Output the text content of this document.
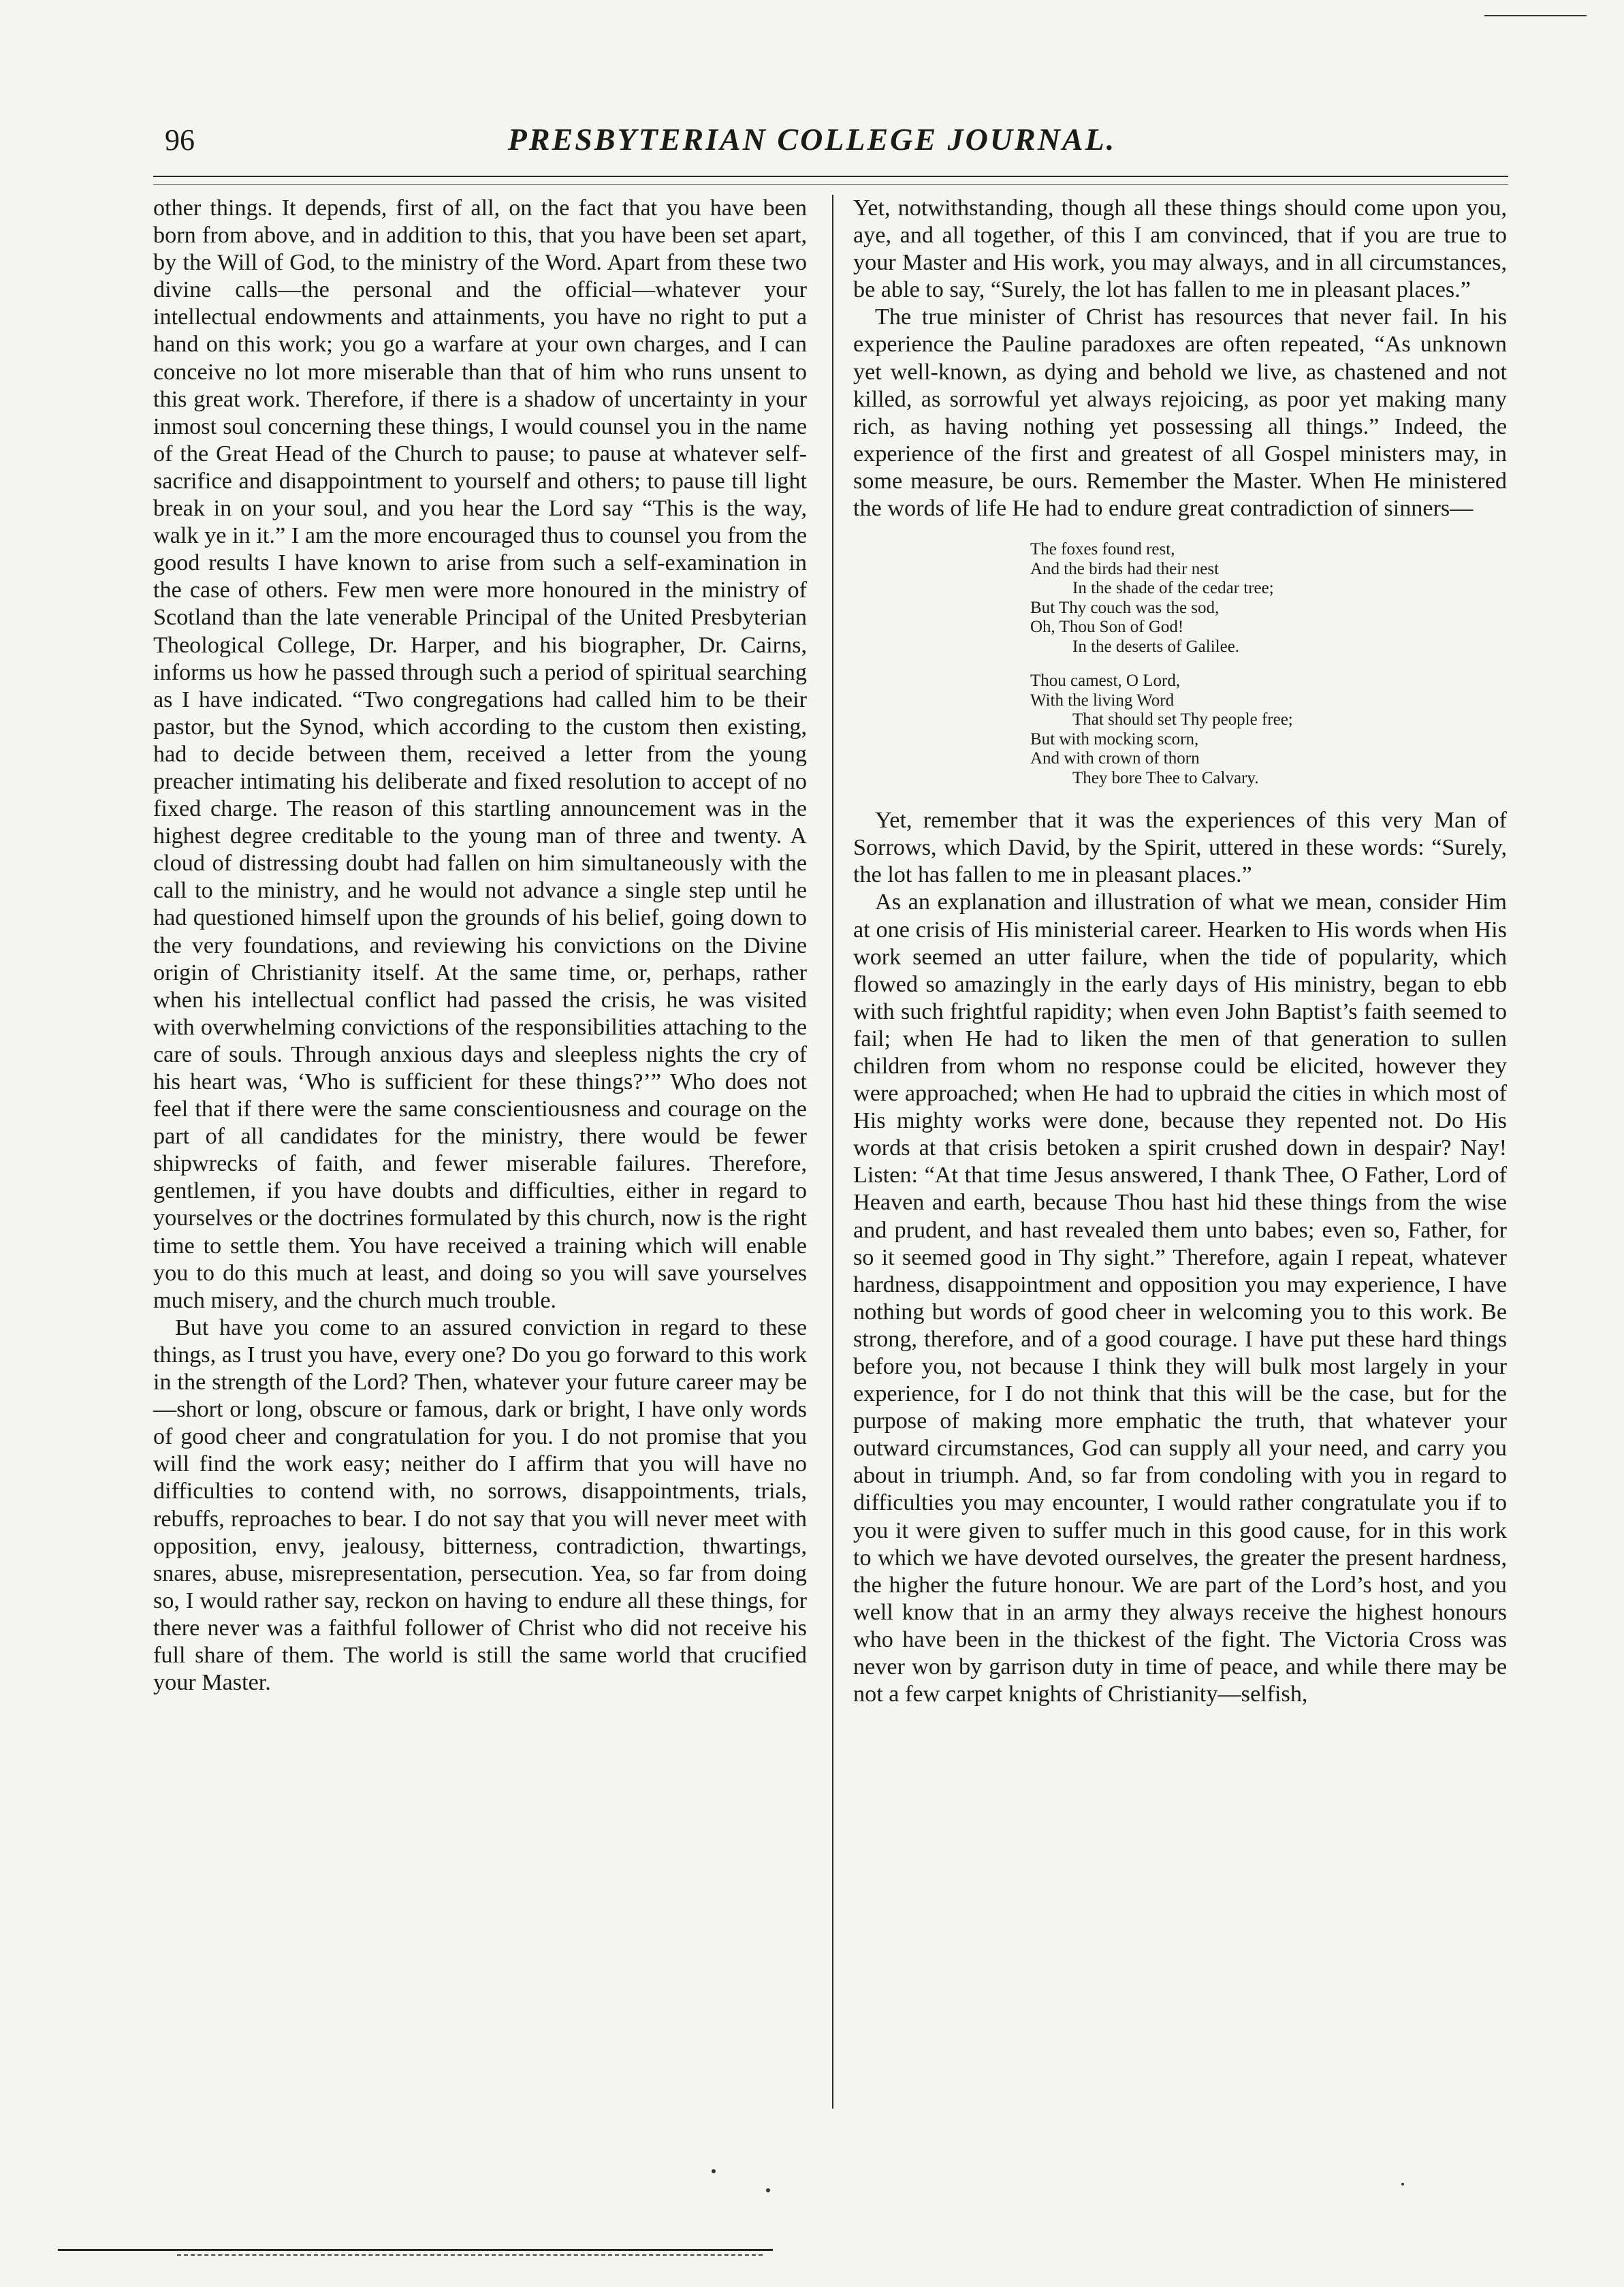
96	PRESBYTERIAN COLLEGE JOURNAL.

other things. It depends, first of all, on the fact that you have been born from above, and in addition to this, that you have been set apart, by the Will of God, to the ministry of the Word. Apart from these two divine calls—the personal and the official—whatever your intellectual endowments and attainments, you have no right to put a hand on this work; you go a warfare at your own charges, and I can conceive no lot more miserable than that of him who runs unsent to this great work. Therefore, if there is a shadow of uncertainty in your inmost soul concerning these things, I would counsel you in the name of the Great Head of the Church to pause; to pause at whatever self-sacrifice and disappointment to yourself and others; to pause till light break in on your soul, and you hear the Lord say “This is the way, walk ye in it.” I am the more encouraged thus to counsel you from the good results I have known to arise from such a self-examination in the case of others. Few men were more honoured in the ministry of Scotland than the late venerable Principal of the United Presbyterian Theological College, Dr. Harper, and his biographer, Dr. Cairns, informs us how he passed through such a period of spiritual searching as I have indicated. “Two congregations had called him to be their pastor, but the Synod, which according to the custom then existing, had to decide between them, received a letter from the young preacher intimating his deliberate and fixed resolution to accept of no fixed charge. The reason of this startling announcement was in the highest degree creditable to the young man of three and twenty. A cloud of distressing doubt had fallen on him simultaneously with the call to the ministry, and he would not advance a single step until he had questioned himself upon the grounds of his belief, going down to the very foundations, and reviewing his convictions on the Divine origin of Christianity itself. At the same time, or, perhaps, rather when his intellectual conflict had passed the crisis, he was visited with overwhelming convictions of the responsibilities attaching to the care of souls. Through anxious days and sleepless nights the cry of his heart was, ‘Who is sufficient for these things?’” Who does not feel that if there were the same conscientiousness and courage on the part of all candidates for the ministry, there would be fewer shipwrecks of faith, and fewer miserable failures. Therefore, gentlemen, if you have doubts and difficulties, either in regard to yourselves or the doctrines formulated by this church, now is the right time to settle them. You have received a training which will enable you to do this much at least, and doing so you will save yourselves much misery, and the church much trouble.

But have you come to an assured conviction in regard to these things, as I trust you have, every one? Do you go forward to this work in the strength of the Lord? Then, whatever your future career may be—short or long, obscure or famous, dark or bright, I have only words of good cheer and congratulation for you. I do not promise that you will find the work easy; neither do I affirm that you will have no difficulties to contend with, no sorrows, disappointments, trials, rebuffs, reproaches to bear. I do not say that you will never meet with opposition, envy, jealousy, bitterness, contradiction, thwartings, snares, abuse, misrepresentation, persecution. Yea, so far from doing so, I would rather say, reckon on having to endure all these things, for there never was a faithful follower of Christ who did not receive his full share of them. The world is still the same world that crucified your Master.

Yet, notwithstanding, though all these things should come upon you, aye, and all together, of this I am convinced, that if you are true to your Master and His work, you may always, and in all circumstances, be able to say, “Surely, the lot has fallen to me in pleasant places.”

The true minister of Christ has resources that never fail. In his experience the Pauline paradoxes are often repeated, “As unknown yet well-known, as dying and behold we live, as chastened and not killed, as sorrowful yet always rejoicing, as poor yet making many rich, as having nothing yet possessing all things.” Indeed, the experience of the first and greatest of all Gospel ministers may, in some measure, be ours. Remember the Master. When He ministered the words of life He had to endure great contradiction of sinners—

The foxes found rest,
And the birds had their nest
In the shade of the cedar tree;
But Thy couch was the sod,
Oh, Thou Son of God!
In the deserts of Galilee.
Thou camest, O Lord,
With the living Word
That should set Thy people free;
But with mocking scorn,
And with crown of thorn
They bore Thee to Calvary.

Yet, remember that it was the experiences of this very Man of Sorrows, which David, by the Spirit, uttered in these words: “Surely, the lot has fallen to me in pleasant places.”

As an explanation and illustration of what we mean, consider Him at one crisis of His ministerial career. Hearken to His words when His work seemed an utter failure, when the tide of popularity, which flowed so amazingly in the early days of His ministry, began to ebb with such frightful rapidity; when even John Baptist’s faith seemed to fail; when He had to liken the men of that generation to sullen children from whom no response could be elicited, however they were approached; when He had to upbraid the cities in which most of His mighty works were done, because they repented not. Do His words at that crisis betoken a spirit crushed down in despair? Nay! Listen: “At that time Jesus answered, I thank Thee, O Father, Lord of Heaven and earth, because Thou hast hid these things from the wise and prudent, and hast revealed them unto babes; even so, Father, for so it seemed good in Thy sight.” Therefore, again I repeat, whatever hardness, disappointment and opposition you may experience, I have nothing but words of good cheer in welcoming you to this work. Be strong, therefore, and of a good courage. I have put these hard things before you, not because I think they will bulk most largely in your experience, for I do not think that this will be the case, but for the purpose of making more emphatic the truth, that whatever your outward circumstances, God can supply all your need, and carry you about in triumph. And, so far from condoling with you in regard to difficulties you may encounter, I would rather congratulate you if to you it were given to suffer much in this good cause, for in this work to which we have devoted ourselves, the greater the present hardness, the higher the future honour. We are part of the Lord’s host, and you well know that in an army they always receive the highest honours who have been in the thickest of the fight. The Victoria Cross was never won by garrison duty in time of peace, and while there may be not a few carpet knights of Christianity—selfish,
